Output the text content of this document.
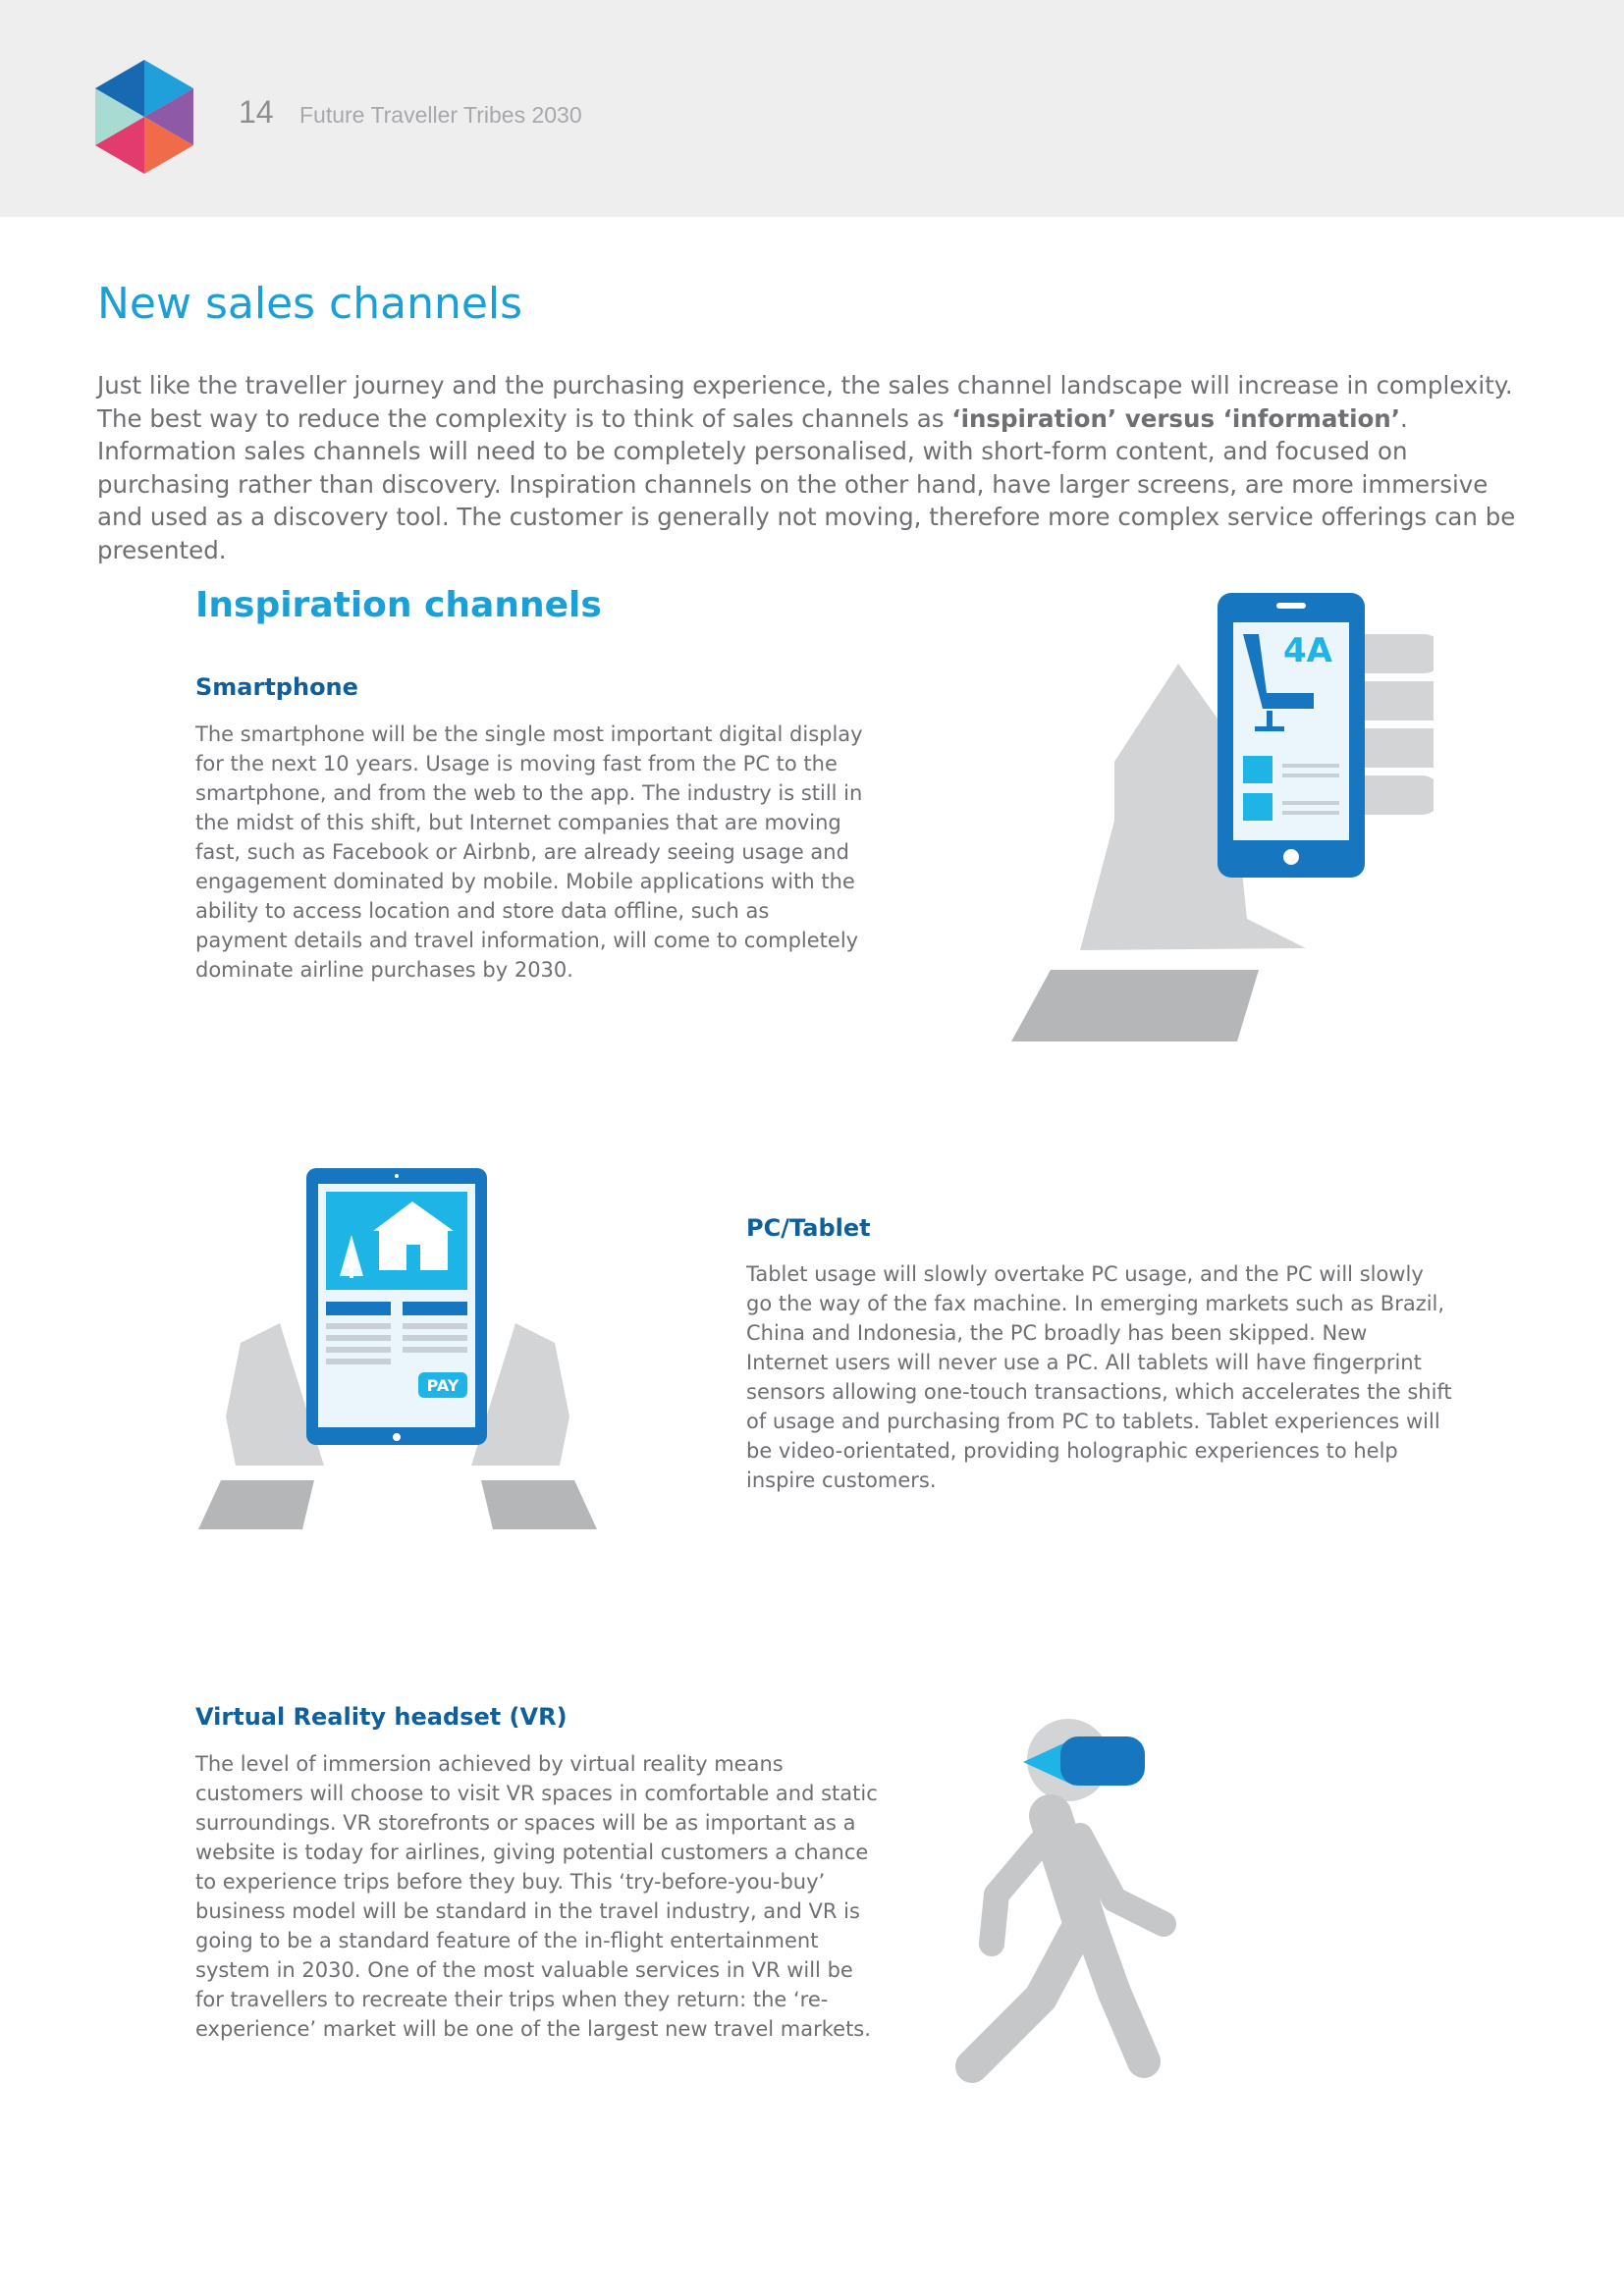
14 Future Traveller Tribes 2030
New sales channels

Just like the traveller journey and the purchasing experience, the sales channel landscape will increase in complexity. The best way to reduce the complexity is to think of sales channels as ‘inspiration’ versus ‘information’. Information sales channels will need to be completely personalised, with short-form content, and focused on purchasing rather than discovery. Inspiration channels on the other hand, have larger screens, are more immersive and used as a discovery tool. The customer is generally not moving, therefore more complex service offerings can be presented.

Inspiration channels
Smartphone

The smartphone will be the single most important digital display for the next 10 years. Usage is moving fast from the PC to the smartphone, and from the web to the app. The industry is still in the midst of this shift, but Internet companies that are moving fast, such as Facebook or Airbnb, are already seeing usage and engagement dominated by mobile. Mobile applications with the ability to access location and store data offline, such as payment details and travel information, will come to completely dominate airline purchases by 2030.

4A
PAY
PC/Tablet

Tablet usage will slowly overtake PC usage, and the PC will slowly go the way of the fax machine. In emerging markets such as Brazil, China and Indonesia, the PC broadly has been skipped. New Internet users will never use a PC. All tablets will have fingerprint sensors allowing one-touch transactions, which accelerates the shift of usage and purchasing from PC to tablets. Tablet experiences will be video-orientated, providing holographic experiences to help inspire customers.

Virtual Reality headset (VR)

The level of immersion achieved by virtual reality means customers will choose to visit VR spaces in comfortable and static surroundings. VR storefronts or spaces will be as important as a website is today for airlines, giving potential customers a chance to experience trips before they buy. This ‘try-before-you-buy’ business model will be standard in the travel industry, and VR is going to be a standard feature of the in-flight entertainment system in 2030. One of the most valuable services in VR will be for travellers to recreate their trips when they return: the ‘re-experience’ market will be one of the largest new travel markets.
